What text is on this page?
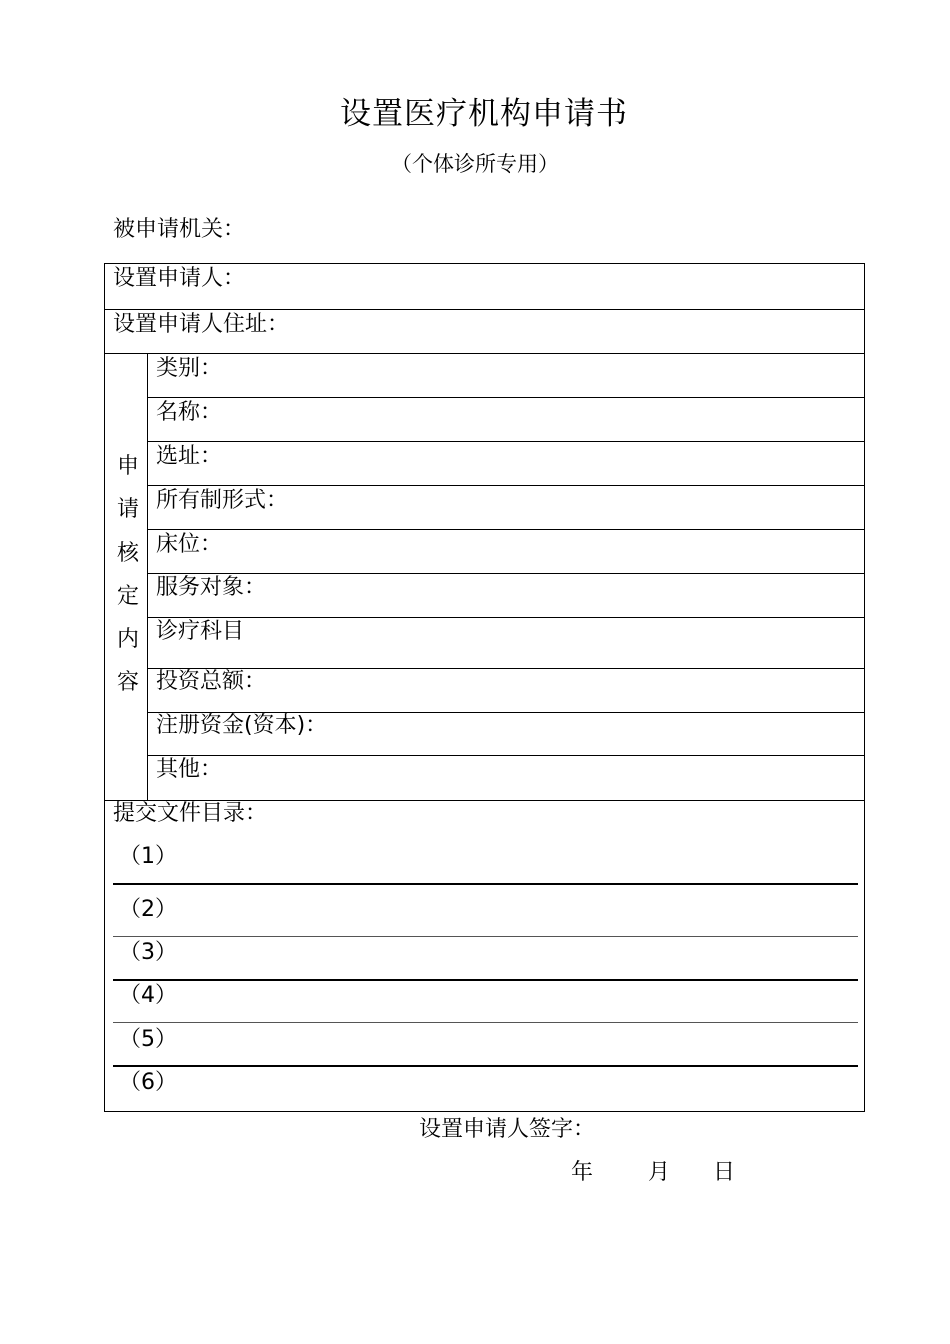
设置医疗机构申请书
（个体诊所专用）
被申请机关：
设置申请人：
设置申请人住址：
申请核定内容
类别：
名称：
选址：
所有制形式：
床位：
服务对象：
诊疗科目
投资总额：
注册资金(资本)：
其他：
提交文件目录：
（1）
（2）
（3）
（4）
（5）
（6）
设置申请人签字：
年 月 日
